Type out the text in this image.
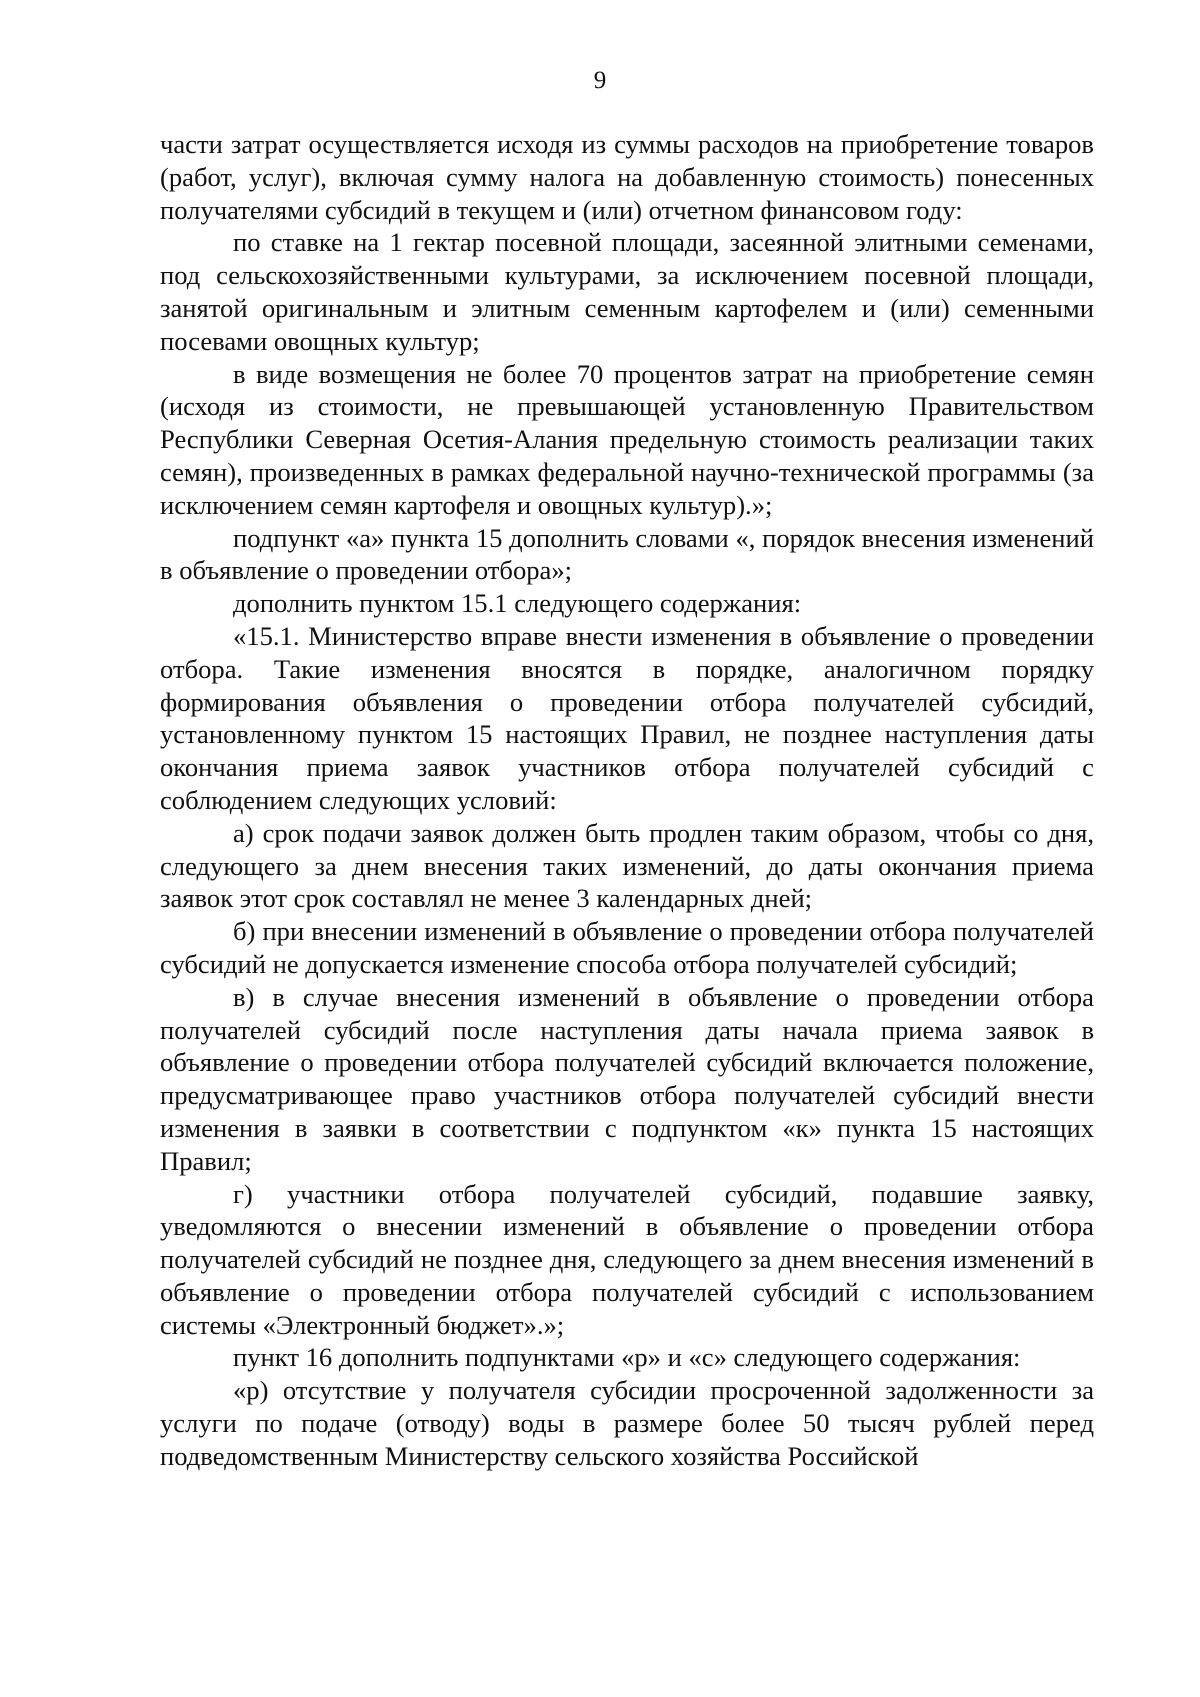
9

части затрат осуществляется исходя из суммы расходов на приобретение товаров (работ, услуг), включая сумму налога на добавленную стоимость) понесенных получателями субсидий в текущем и (или) отчетном финансовом году:

по ставке на 1 гектар посевной площади, засеянной элитными семенами, под сельскохозяйственными культурами, за исключением посевной площади, занятой оригинальным и элитным семенным картофелем и (или) семенными посевами овощных культур;

в виде возмещения не более 70 процентов затрат на приобретение семян (исходя из стоимости, не превышающей установленную Правительством Республики Северная Осетия-Алания предельную стоимость реализации таких семян), произведенных в рамках федеральной научно-технической программы (за исключением семян картофеля и овощных культур).»;

подпункт «а» пункта 15 дополнить словами «, порядок внесения изменений в объявление о проведении отбора»;

дополнить пунктом 15.1 следующего содержания:

«15.1. Министерство вправе внести изменения в объявление о проведении отбора. Такие изменения вносятся в порядке, аналогичном порядку формирования объявления о проведении отбора получателей субсидий, установленному пунктом 15 настоящих Правил, не позднее наступления даты окончания приема заявок участников отбора получателей субсидий с соблюдением следующих условий:

а) срок подачи заявок должен быть продлен таким образом, чтобы со дня, следующего за днем внесения таких изменений, до даты окончания приема заявок этот срок составлял не менее 3 календарных дней;

б) при внесении изменений в объявление о проведении отбора получателей субсидий не допускается изменение способа отбора получателей субсидий;

в) в случае внесения изменений в объявление о проведении отбора получателей субсидий после наступления даты начала приема заявок в объявление о проведении отбора получателей субсидий включается положение, предусматривающее право участников отбора получателей субсидий внести изменения в заявки в соответствии с подпунктом «к» пункта 15 настоящих Правил;

г) участники отбора получателей субсидий, подавшие заявку, уведомляются о внесении изменений в объявление о проведении отбора получателей субсидий не позднее дня, следующего за днем внесения изменений в объявление о проведении отбора получателей субсидий с использованием системы «Электронный бюджет».»;

пункт 16 дополнить подпунктами «р» и «с» следующего содержания:

«р) отсутствие у получателя субсидии просроченной задолженности за услуги по подаче (отводу) воды в размере более 50 тысяч рублей перед подведомственным Министерству сельского хозяйства Российской
